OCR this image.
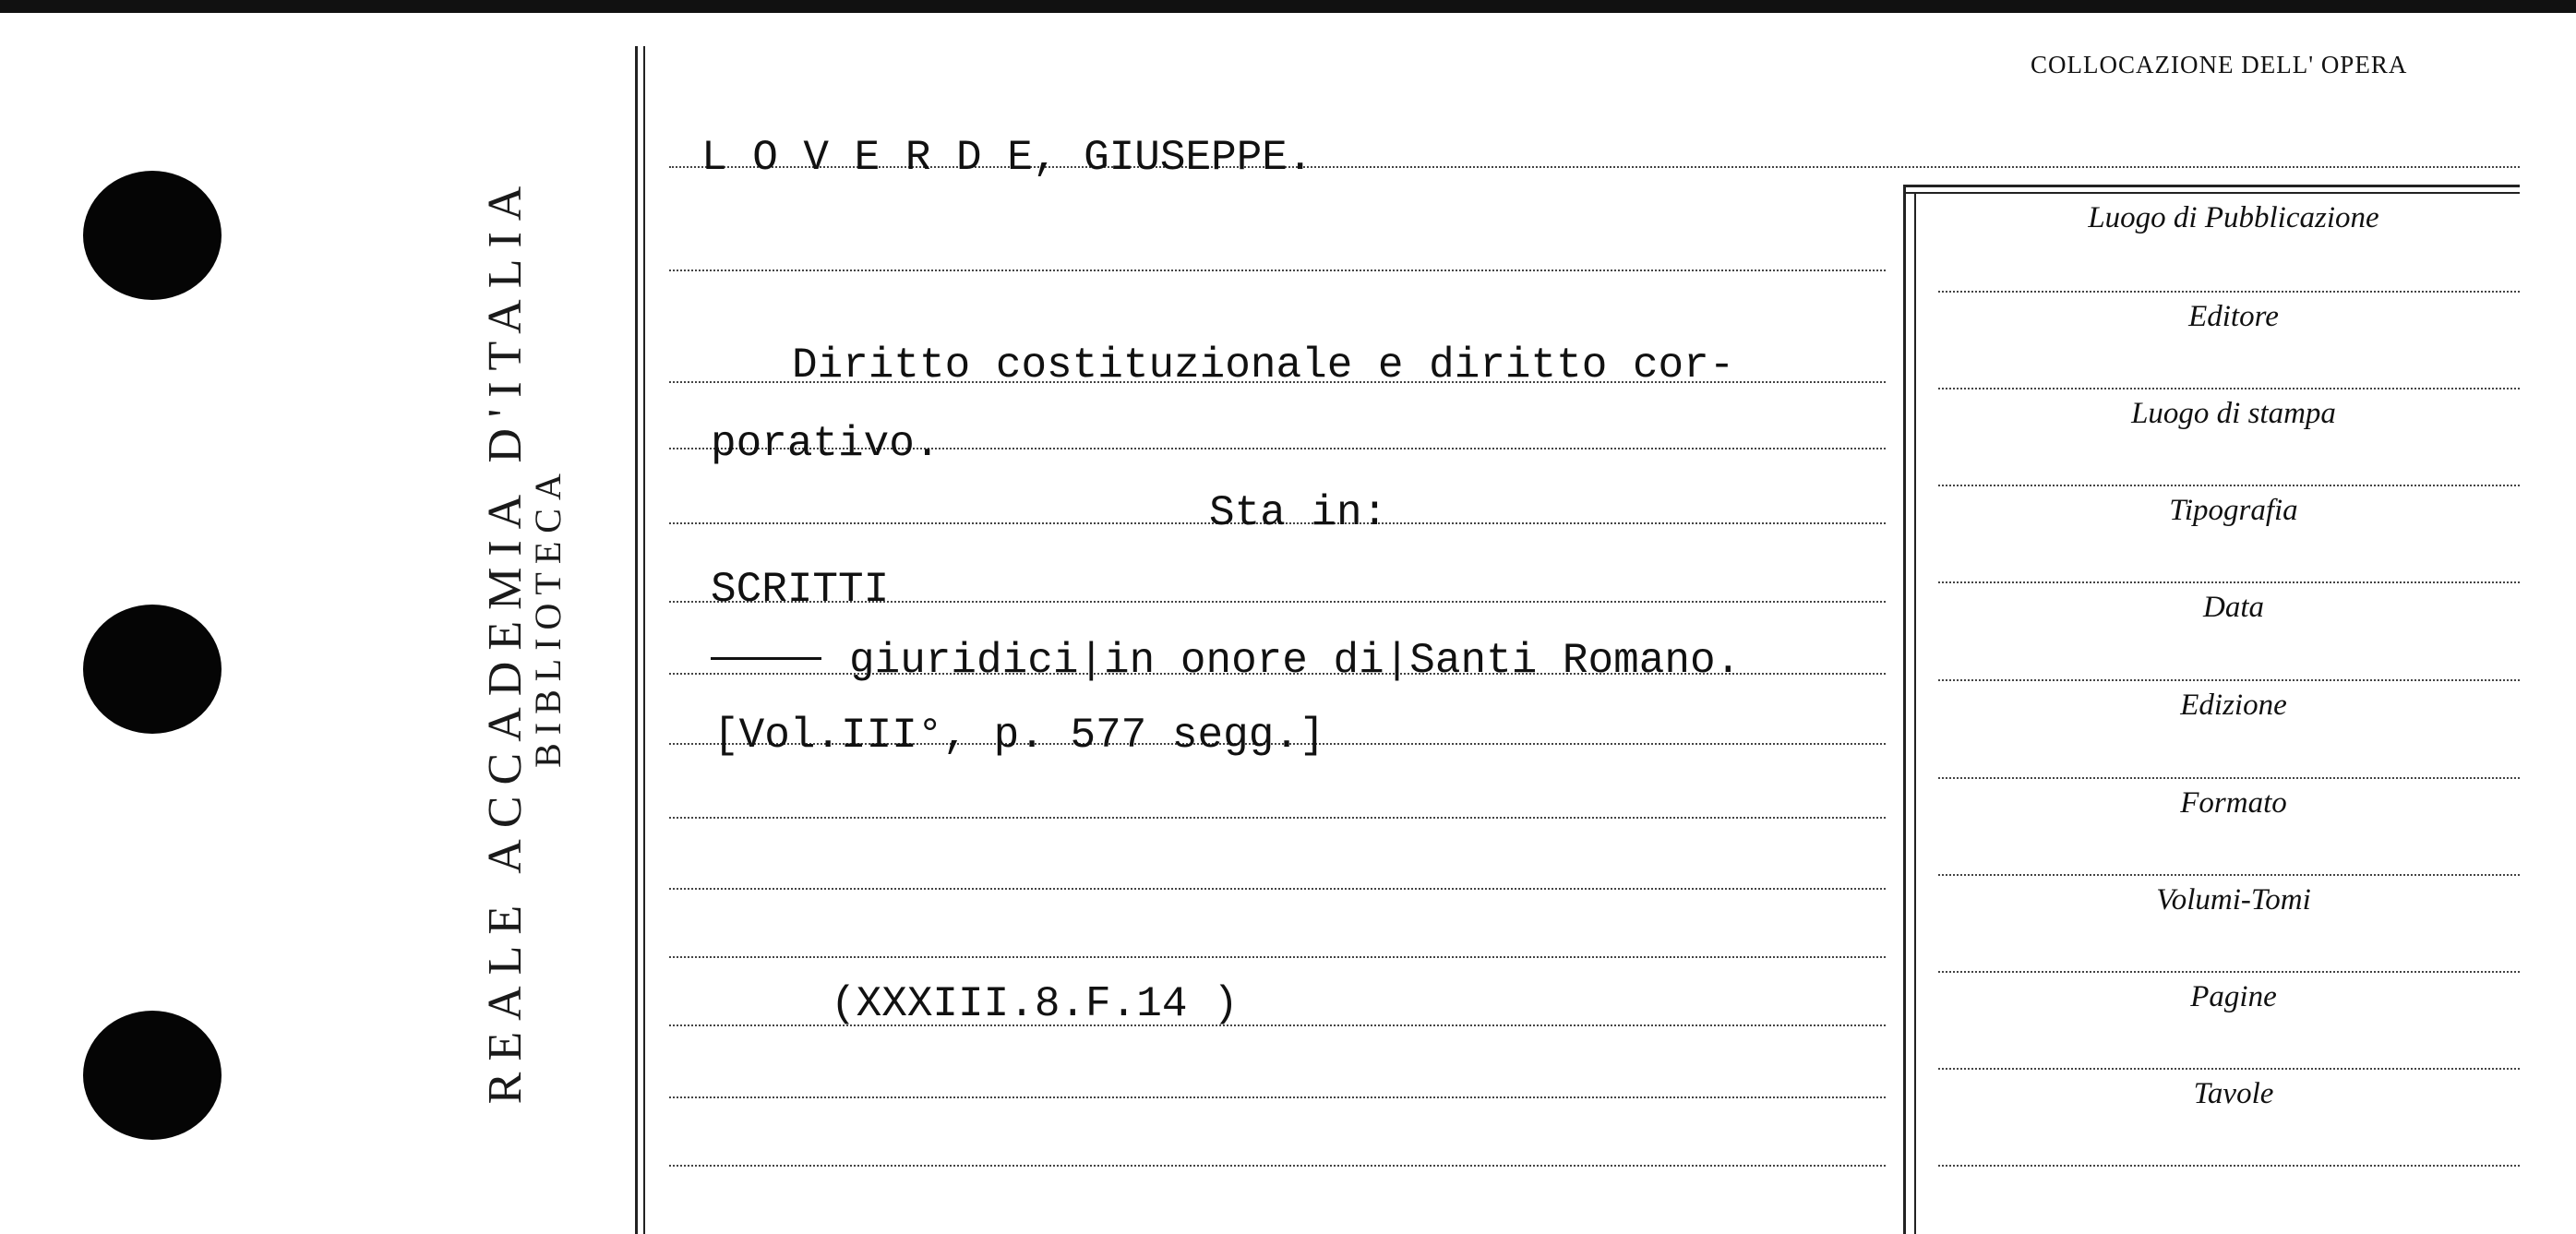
REALE ACCADEMIA D'ITALIA
BIBLIOTECA
COLLOCAZIONE DELL' OPERA
L O V E R D E, GIUSEPPE.
Diritto costituzionale e diritto cor-
porativo.
Sta in:
SCRITTI
giuridici|in onore di|Santi Romano.
[Vol.III°, p. 577 segg.]
(XXXIII.8.F.14 )
Luogo di Pubblicazione
Editore
Luogo di stampa
Tipografia
Data
Edizione
Formato
Volumi-Tomi
Pagine
Tavole
